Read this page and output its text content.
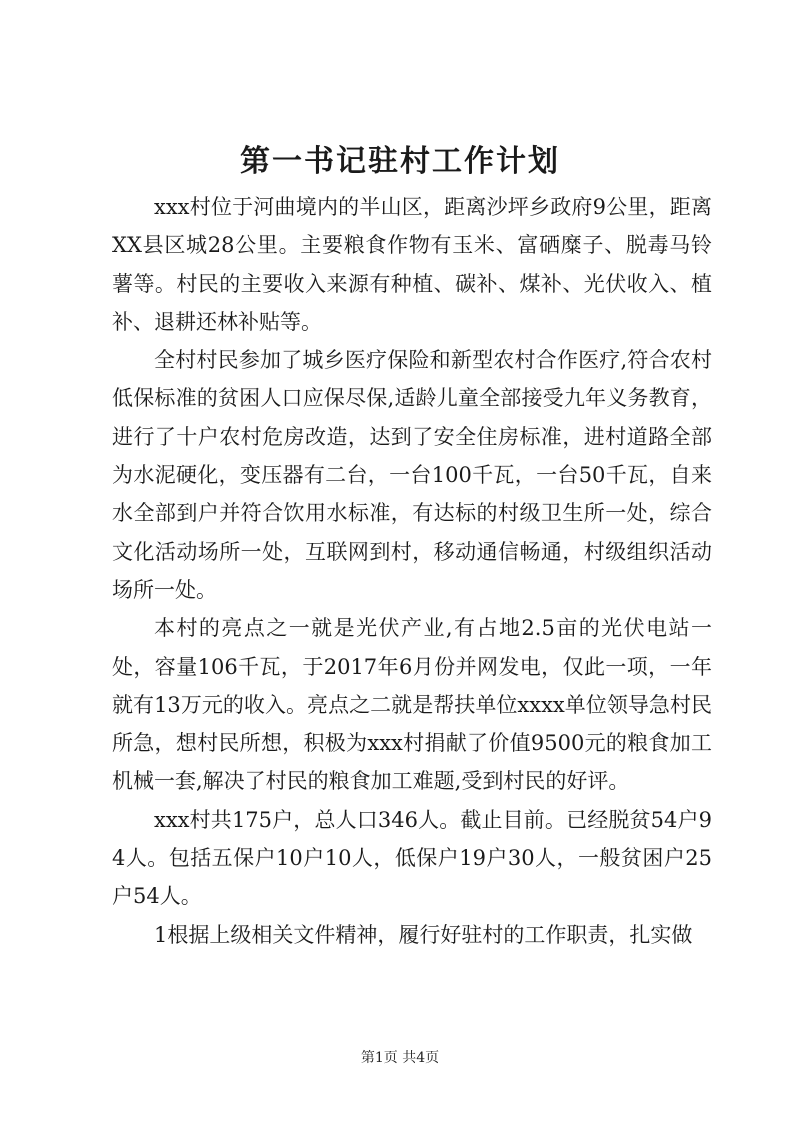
第一书记驻村工作计划

xxx村位于河曲境内的半山区，距离沙坪乡政府9公里，距离XX县区城28公里。主要粮食作物有玉米、富硒糜子、脱毒马铃薯等。村民的主要收入来源有种植、碳补、煤补、光伏收入、植补、退耕还林补贴等。

全村村民参加了城乡医疗保险和新型农村合作医疗,符合农村低保标准的贫困人口应保尽保,适龄儿童全部接受九年义务教育，进行了十户农村危房改造，达到了安全住房标准，进村道路全部为水泥硬化，变压器有二台，一台100千瓦，一台50千瓦，自来水全部到户并符合饮用水标准，有达标的村级卫生所一处，综合文化活动场所一处，互联网到村，移动通信畅通，村级组织活动场所一处。

本村的亮点之一就是光伏产业,有占地2.5亩的光伏电站一处，容量106千瓦，于2017年6月份并网发电，仅此一项，一年就有13万元的收入。亮点之二就是帮扶单位xxxx单位领导急村民所急，想村民所想，积极为xxx村捐献了价值9500元的粮食加工机械一套,解决了村民的粮食加工难题,受到村民的好评。

xxx村共175户，总人口346人。截止目前。已经脱贫54户94人。包括五保户10户10人，低保户19户30人，一般贫困户25户54人。

1根据上级相关文件精神，履行好驻村的工作职责，扎实做

第1页 共4页
